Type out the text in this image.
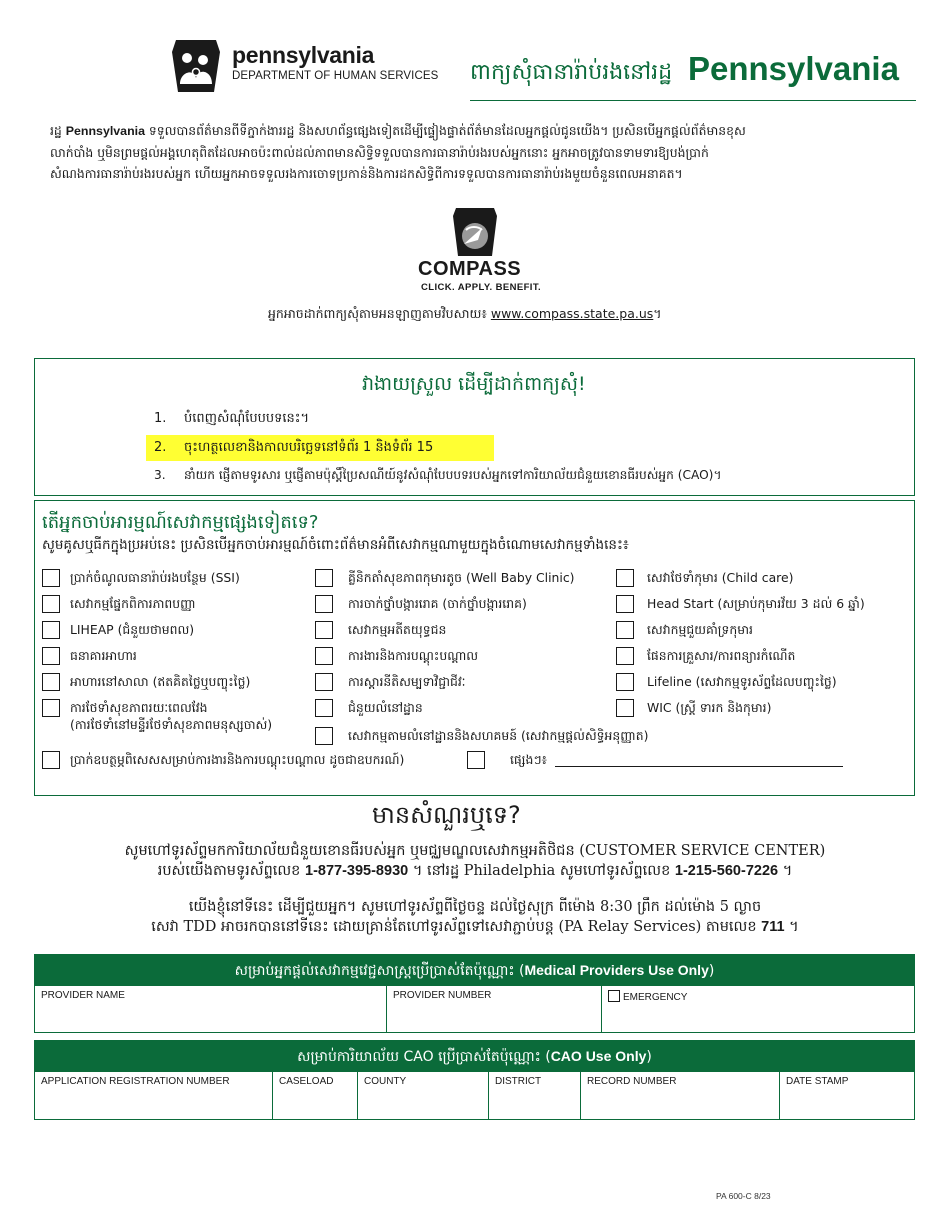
pennsylvania
DEPARTMENT OF HUMAN SERVICES ពាក្យសុំធានារ៉ាប់រងនៅរដ្ឋ Pennsylvania
រដ្ឋ Pennsylvania ទទួលបានព័ត៌មានពីទីភ្នាក់ងាររដ្ឋ និងសហព័ន្ធផ្សេងទៀតដើម្បីផ្ទៀងផ្ទាត់ព័ត៌មានដែលអ្នកផ្តល់ជូនយើង។ ប្រសិនបើអ្នកផ្តល់ព័ត៌មានខុស
លាក់បាំង ឬមិនព្រមផ្តល់អង្គហេតុពិតដែលអាចប៉ះពាល់ដល់ភាពមានសិទ្ធិទទួលបានការធានារ៉ាប់រងរបស់អ្នកនោះ អ្នកអាចត្រូវបានទាមទារឱ្យបង់ប្រាក់
សំណងការធានារ៉ាប់រងរបស់អ្នក ហើយអ្នកអាចទទួលរងការចោទប្រកាន់និងការដកសិទ្ធិពីការទទួលបានការធានារ៉ាប់រងមួយចំនួនពេលអនាគត។
COMPASS
CLICK. APPLY. BENEFIT.
អ្នកអាចដាក់ពាក្យសុំតាមអនឡាញតាមវិបសាយ៖ www.compass.state.pa.us។
វាងាយស្រួល ដើម្បីដាក់ពាក្យសុំ!
1. បំពេញសំណុំបែបបទនេះ។
2. ចុះហត្ថលេខានិងកាលបរិច្ឆេទនៅទំព័រ 1 និងទំព័រ 15
3. នាំយក ផ្ញើតាមទូរសារ ឬផ្ញើតាមប៉ុស្តិ៍ប្រៃសណីយ៍នូវសំណុំបែបបទរបស់អ្នកទៅការិយាល័យជំនួយខោនធីរបស់អ្នក (CAO)។
តើអ្នកចាប់អារម្មណ៍សេវាកម្មផ្សេងទៀតទេ?
សូមគូសឬធីកក្នុងប្រអប់នេះ ប្រសិនបើអ្នកចាប់អារម្មណ៍ចំពោះព័ត៌មានអំពីសេវាកម្មណាមួយក្នុងចំណោមសេវាកម្មទាំងនេះ៖
ប្រាក់ចំណូលធានារ៉ាប់រងបន្ថែម (SSI)
សេវាកម្មផ្នែកពិការភាពបញ្ញា
LIHEAP (ជំនួយថាមពល)
ធនាគារអាហារ
អាហារនៅសាលា (ឥតគិតថ្លៃឬបញ្ចុះថ្លៃ)
ការថែទាំសុខភាពរយៈពេលវែង
(ការថែទាំនៅមន្ទីរថែទាំសុខភាពមនុស្សចាស់)
គ្លីនិកតាំសុខភាពកុមារតូច (Well Baby Clinic)
ការចាក់ថ្នាំបង្ការរោគ (ចាក់ថ្នាំបង្ការរោគ)
សេវាកម្មអតីតយុទ្ធជន
ការងារនិងការបណ្តុះបណ្តាល
ការស្តារនីតិសម្បទាវិជ្ជាជីវៈ
ជំនួយលំនៅដ្ឋាន
សេវាកម្មតាមលំនៅដ្ឋាននិងសហគមន៍ (សេវាកម្មផ្តល់សិទ្ធិអនុញ្ញាត)
សេវាថែទាំកុមារ (Child care)
Head Start (សម្រាប់កុមារវ័យ 3 ដល់ 6 ឆ្នាំ)
សេវាកម្មជួយគាំទ្រកុមារ
ផែនការគ្រួសារ/ការពន្យារកំណើត
Lifeline (សេវាកម្មទូរស័ព្ទដែលបញ្ចុះថ្លៃ)
WIC (ស្ត្រី ទារក និងកុមារ)
ប្រាក់ឧបត្ថម្ភពិសេសសម្រាប់ការងារនិងការបណ្តុះបណ្តាល ដូចជាឧបករណ៍)	ផ្សេងៗ៖
មានសំណួរឬទេ?
សូមហៅទូរស័ព្ទមកការិយាល័យជំនួយខោនធីរបស់អ្នក ឬមជ្ឈមណ្ឌលសេវាកម្មអតិថិជន (CUSTOMER SERVICE CENTER)
របស់យើងតាមទូរស័ព្ទលេខ 1-877-395-8930 ។ នៅរដ្ឋ Philadelphia សូមហៅទូរស័ព្ទលេខ 1-215-560-7226 ។
យើងខ្ញុំនៅទីនេះ ដើម្បីជួយអ្នក។ សូមហៅទូរស័ព្ទពីថ្ងៃចន្ទ ដល់ថ្ងៃសុក្រ ពីម៉ោង 8:30 ព្រឹក ដល់ម៉ោង 5 ល្ងាច
សេវា TDD អាចរកបាននៅទីនេះ ដោយគ្រាន់តែហៅទូរស័ព្ទទៅសេវាភ្ជាប់បន្ត (PA Relay Services) តាមលេខ 711 ។
សម្រាប់អ្នកផ្តល់សេវាកម្មវេជ្ជសាស្ត្រប្រើប្រាស់តែប៉ុណ្ណោះ (Medical Providers Use Only)
PROVIDER NAME	PROVIDER NUMBER	EMERGENCY
សម្រាប់ការិយាល័យ CAO ប្រើប្រាស់តែប៉ុណ្ណោះ (CAO Use Only)
APPLICATION REGISTRATION NUMBER	CASELOAD	COUNTY	DISTRICT	RECORD NUMBER	DATE STAMP
PA 600-C 8/23
